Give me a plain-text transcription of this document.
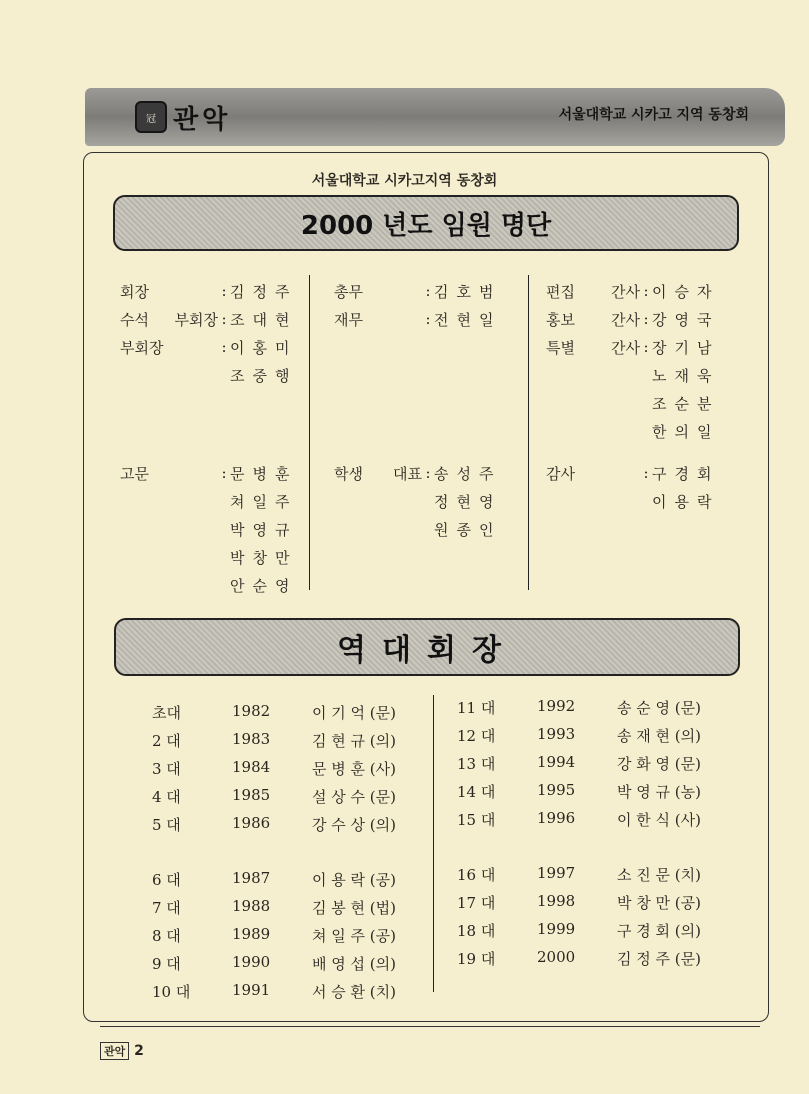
冠 관악	서울대학교 시카고 지역 동창회
서울대학교 시카고지역 동창회
2000 년도 임원 명단
회장	: 김정주
수석 부회장 : 조대현
부회장	: 이홍미
조중행
고문	: 문병훈
쳐일주
박영규
박창만
안순영
총무	: 김호범
재무	: 전현일
학생 대표 : 송성주
정현영
원종인
편집 간사 : 이승자
홍보 간사 : 강영국
특별 간사 : 장기남
노재욱
조순분
한의일
감사	: 구경회
이용락
역대회장
초대	1982	이 기 억 (문)
2 대	1983	김 현 규 (의)
3 대	1984	문 병 훈 (사)
4 대	1985	설 상 수 (문)
5 대	1986	강 수 상 (의)
6 대	1987	이 용 락 (공)
7 대	1988	김 봉 현 (법)
8 대	1989	쳐 일 주 (공)
9 대	1990	배 영 섭 (의)
10 대	1991	서 승 환 (치)
11 대	1992	송 순 영 (문)
12 대	1993	송 재 현 (의)
13 대	1994	강 화 영 (문)
14 대	1995	박 영 규 (농)
15 대	1996	이 한 식 (사)
16 대	1997	소 진 문 (치)
17 대	1998	박 창 만 (공)
18 대	1999	구 경 회 (의)
19 대	2000	김 정 주 (문)
관악 2
